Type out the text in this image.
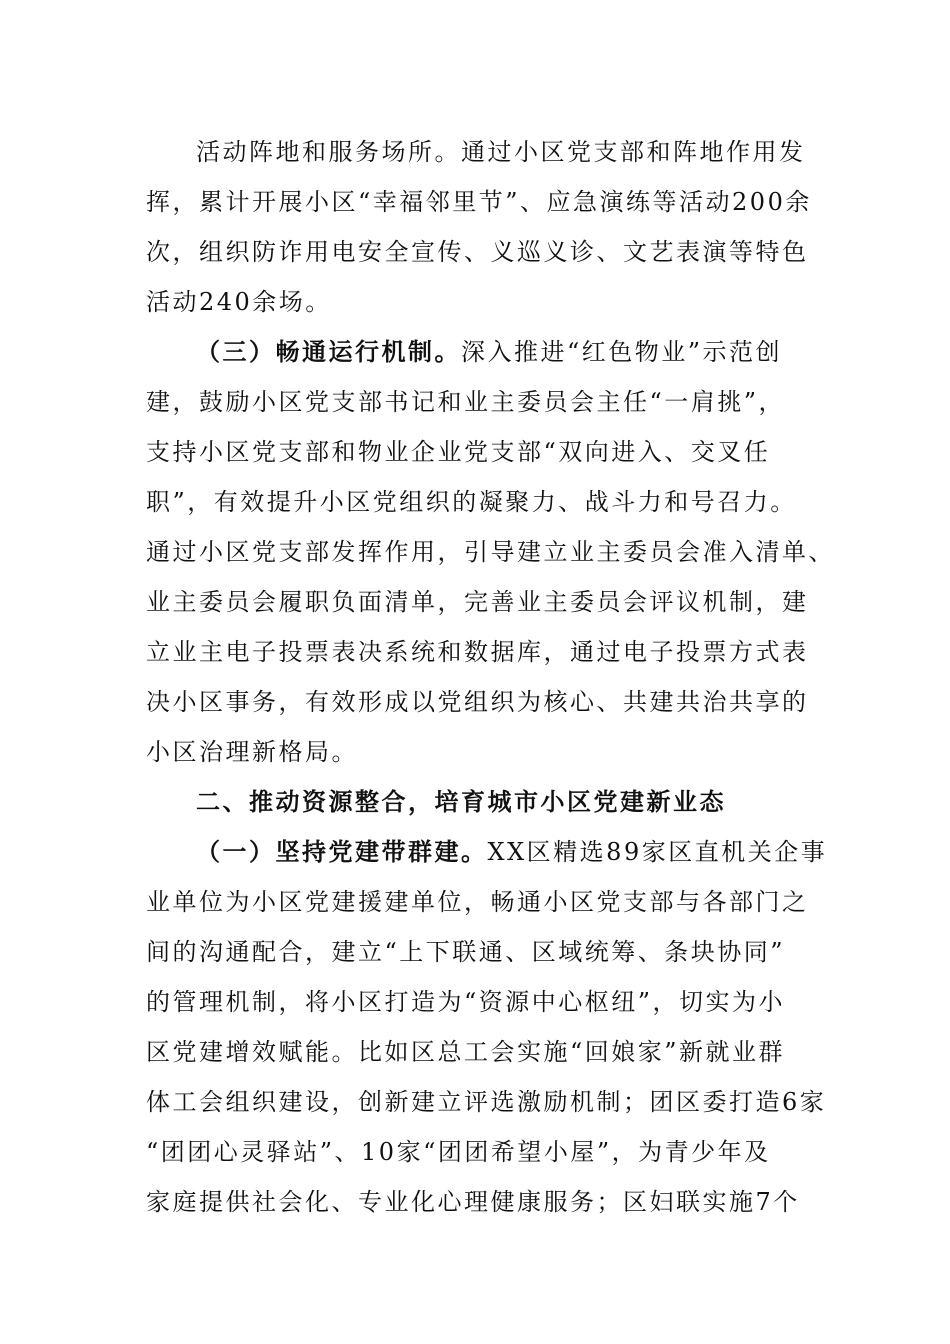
活动阵地和服务场所。通过小区党支部和阵地作用发
挥，累计开展小区“幸福邻里节”、应急演练等活动200余
次，组织防诈用电安全宣传、义巡义诊、文艺表演等特色
活动240余场。
（三）畅通运行机制。深入推进“红色物业”示范创
建，鼓励小区党支部书记和业主委员会主任“一肩挑”，
支持小区党支部和物业企业党支部“双向进入、交叉任
职”，有效提升小区党组织的凝聚力、战斗力和号召力。
通过小区党支部发挥作用，引导建立业主委员会准入清单、
业主委员会履职负面清单，完善业主委员会评议机制，建
立业主电子投票表决系统和数据库，通过电子投票方式表
决小区事务，有效形成以党组织为核心、共建共治共享的
小区治理新格局。
二、推动资源整合，培育城市小区党建新业态
（一）坚持党建带群建。XX区精选89家区直机关企事
业单位为小区党建援建单位，畅通小区党支部与各部门之
间的沟通配合，建立“上下联通、区域统筹、条块协同”
的管理机制，将小区打造为“资源中心枢纽”，切实为小
区党建增效赋能。比如区总工会实施“回娘家”新就业群
体工会组织建设，创新建立评选激励机制；团区委打造6家
“团团心灵驿站”、10家“团团希望小屋”，为青少年及
家庭提供社会化、专业化心理健康服务；区妇联实施7个
